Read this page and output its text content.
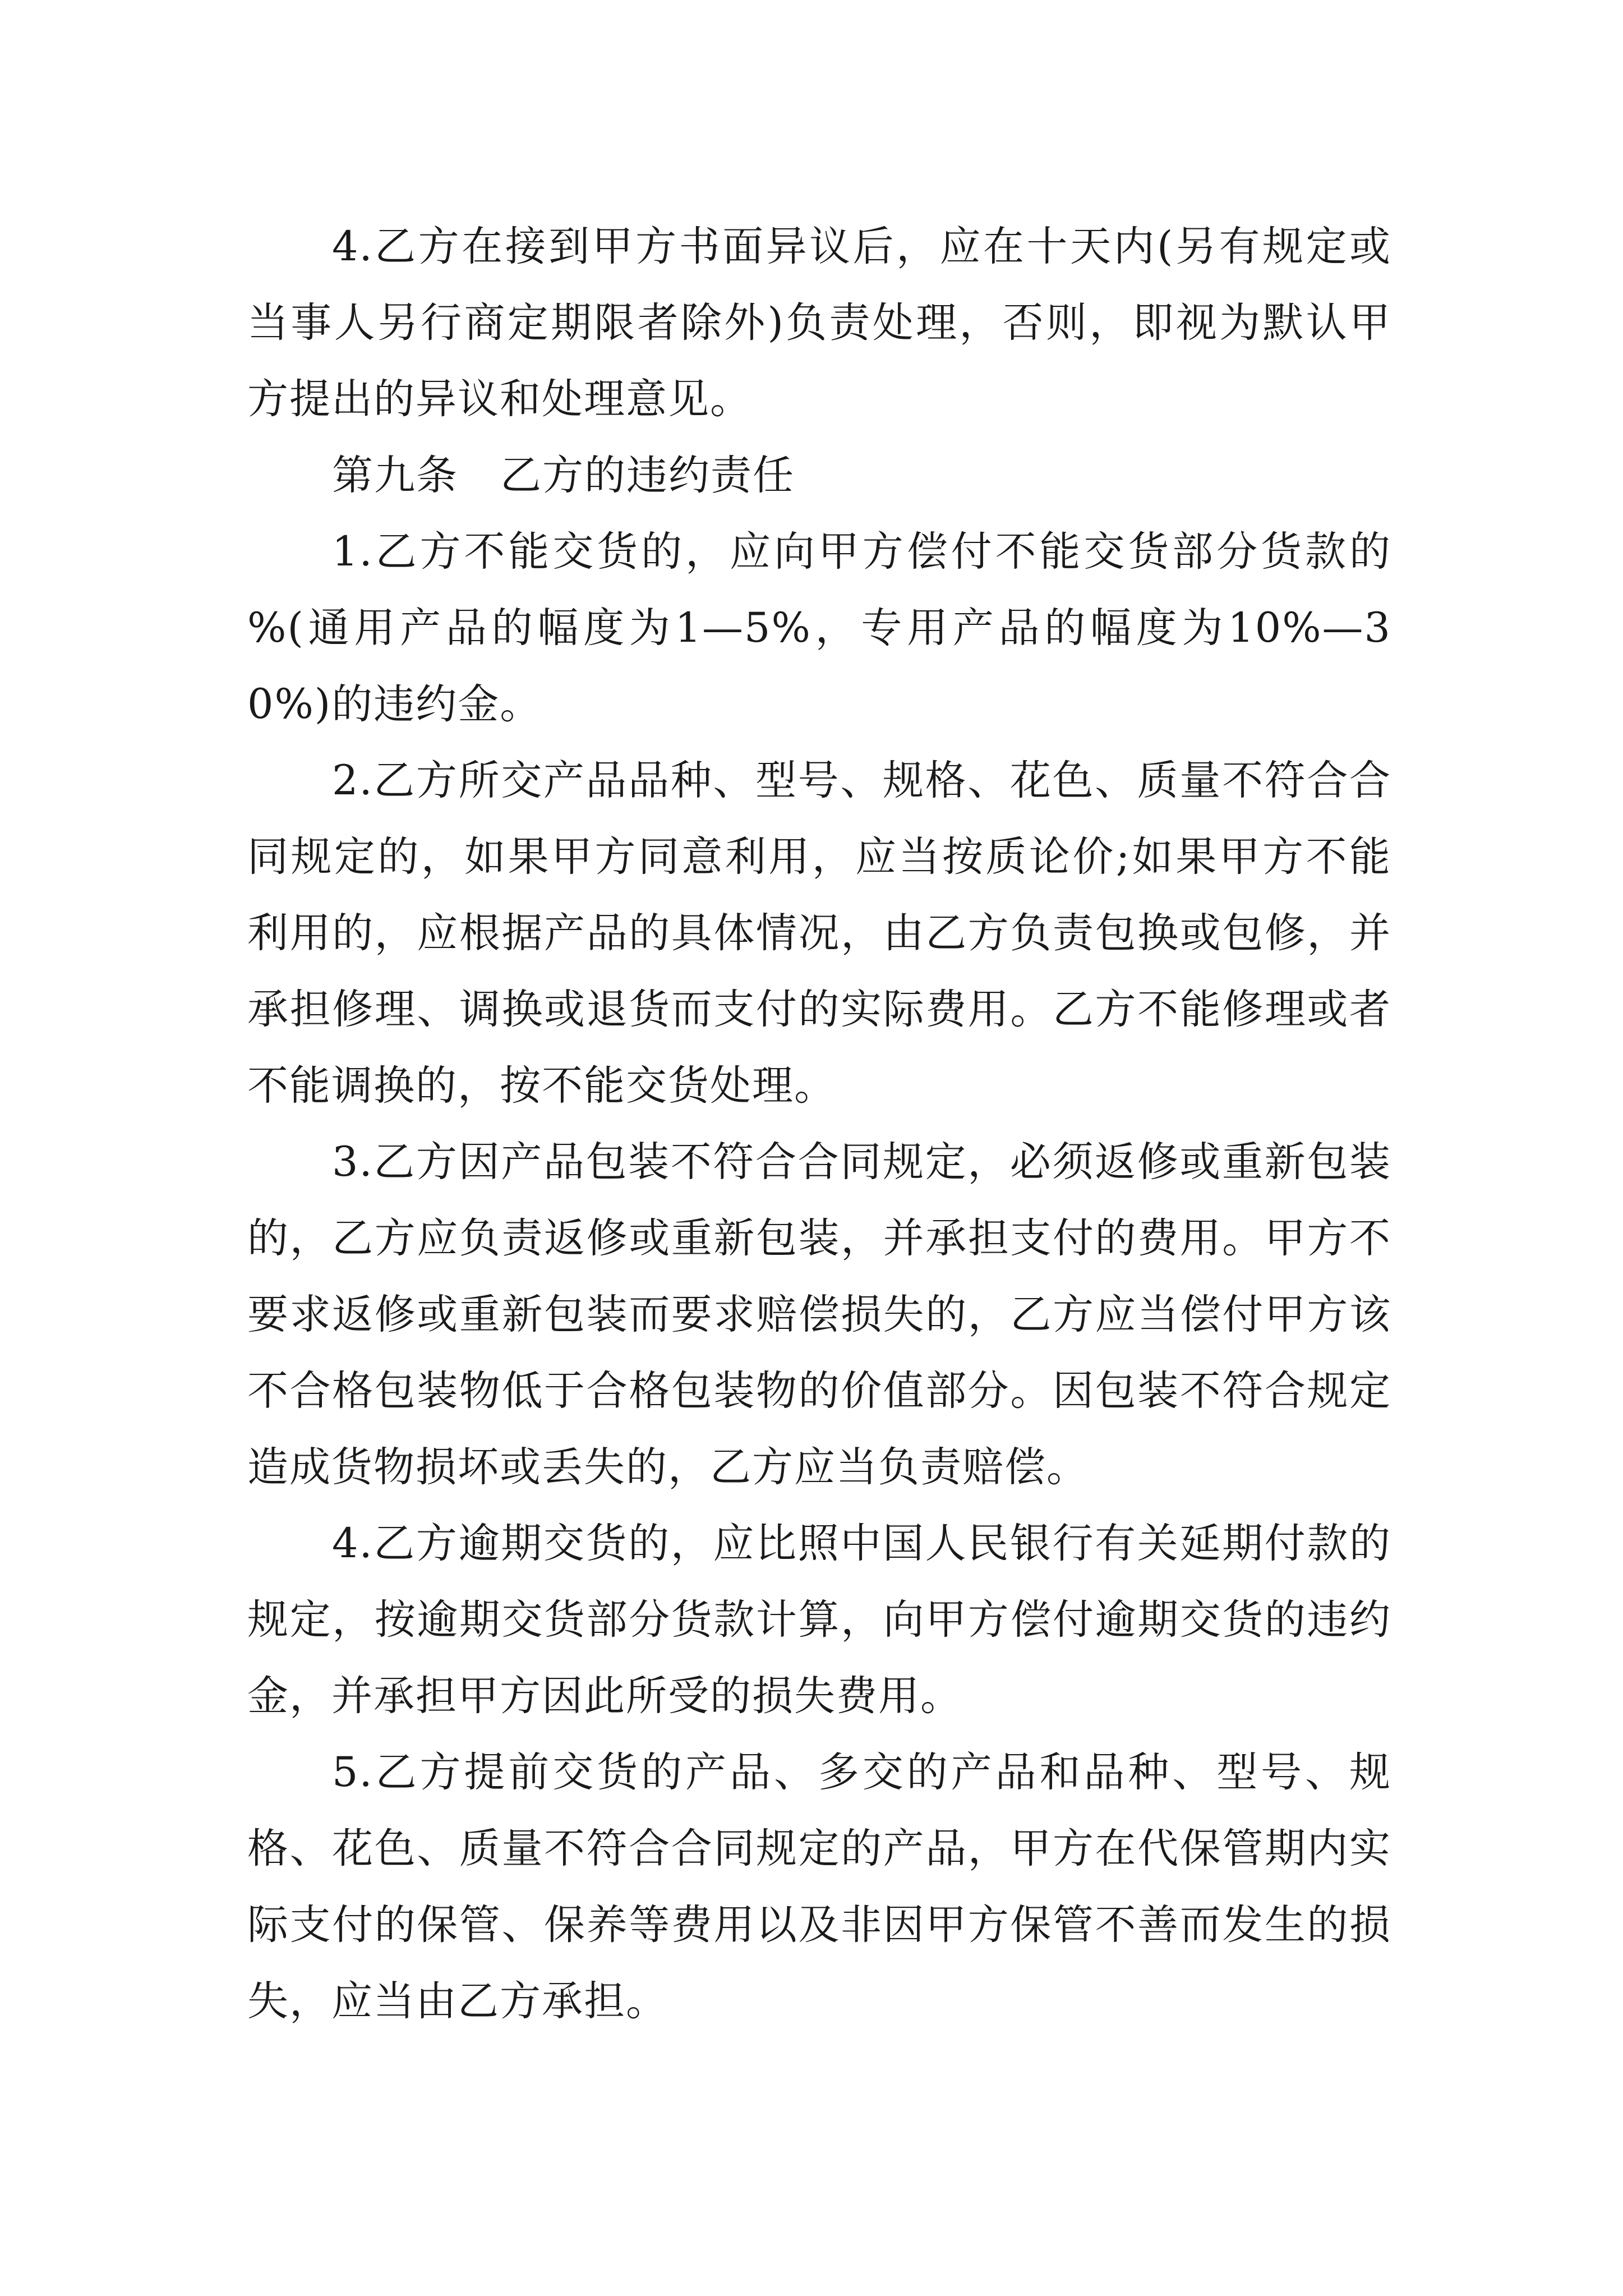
4.乙方在接到甲方书面异议后，应在十天内(另有规定或当事人另行商定期限者除外)负责处理，否则，即视为默认甲方提出的异议和处理意见。

第九条　乙方的违约责任

1.乙方不能交货的，应向甲方偿付不能交货部分货款的 %(通用产品的幅度为1—5%，专用产品的幅度为10%—30%)的违约金。

2.乙方所交产品品种、型号、规格、花色、质量不符合合同规定的，如果甲方同意利用，应当按质论价;如果甲方不能利用的，应根据产品的具体情况，由乙方负责包换或包修，并承担修理、调换或退货而支付的实际费用。乙方不能修理或者不能调换的，按不能交货处理。

3.乙方因产品包装不符合合同规定，必须返修或重新包装的，乙方应负责返修或重新包装，并承担支付的费用。甲方不要求返修或重新包装而要求赔偿损失的，乙方应当偿付甲方该不合格包装物低于合格包装物的价值部分。因包装不符合规定造成货物损坏或丢失的，乙方应当负责赔偿。

4.乙方逾期交货的，应比照中国人民银行有关延期付款的规定，按逾期交货部分货款计算，向甲方偿付逾期交货的违约金，并承担甲方因此所受的损失费用。

5.乙方提前交货的产品、多交的产品和品种、型号、规格、花色、质量不符合合同规定的产品，甲方在代保管期内实际支付的保管、保养等费用以及非因甲方保管不善而发生的损失，应当由乙方承担。
